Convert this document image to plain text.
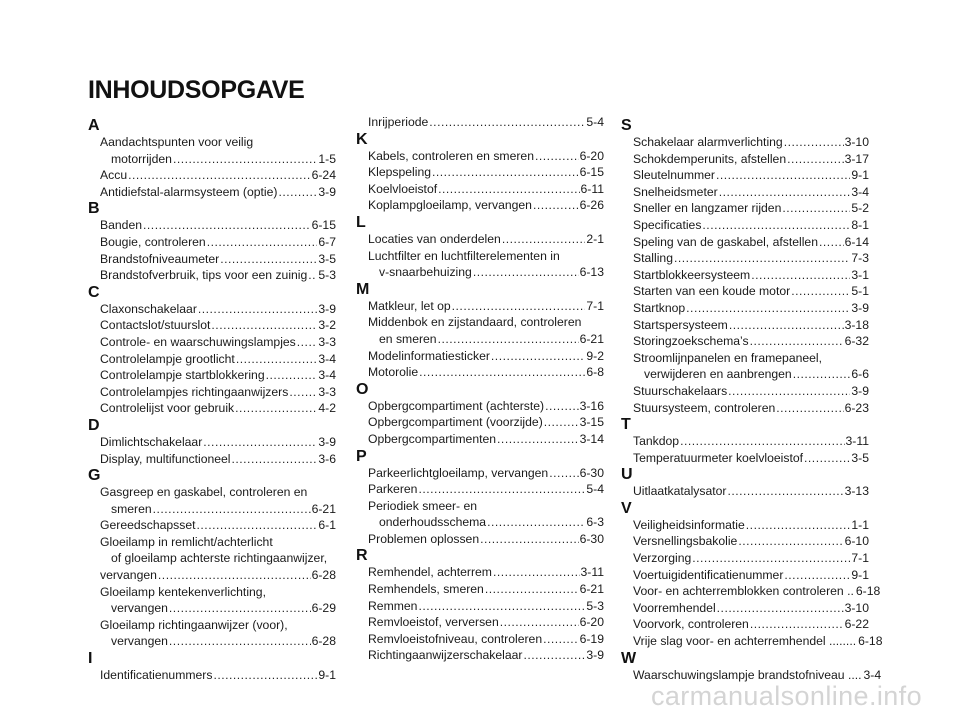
INHOUDSOPGAVE
A
Aandachtspunten voor veilig
motorrijden .....	1-5
Accu .....	6-24
Antidiefstal-alarmsysteem (optie) .....	3-9
B
Banden .....	6-15
Bougie, controleren .....	6-7
Brandstofniveaumeter .....	3-5
Brandstofverbruik, tips voor een zuinig ..... 5-3
C
Claxonschakelaar .....	3-9
Contactslot/stuurslot .....	3-2
Controle- en waarschuwingslampjes ..... 3-3
Controlelampje grootlicht .....	3-4
Controlelampje startblokkering .....	3-4
Controlelampjes richtingaanwijzers ..... 3-3
Controlelijst voor gebruik .....	4-2
D
Dimlichtschakelaar .....	3-9
Display, multifunctioneel .....	3-6
G
Gasgreep en gaskabel, controleren en
smeren .....	6-21
Gereedschapsset .....	6-1
Gloeilamp in remlicht/achterlicht
of gloeilamp achterste richtingaanwijzer,
vervangen .....	6-28
Gloeilamp kentekenverlichting,
vervangen .....	6-29
Gloeilamp richtingaanwijzer (voor),
vervangen .....	6-28
I
Identificatienummers .....	9-1
Inrijperiode .....	5-4
K
Kabels, controleren en smeren .....	6-20
Klepspeling .....	6-15
Koelvloeistof .....	6-11
Koplampgloeilamp, vervangen .....	6-26
L
Locaties van onderdelen .....	2-1
Luchtfilter en luchtfilterelementen in
v-snaarbehuizing .....	6-13
M
Matkleur, let op .....	7-1
Middenbok en zijstandaard, controleren
en smeren .....	6-21
Modelinformatiesticker .....	9-2
Motorolie .....	6-8
O
Opbergcompartiment (achterste) .....	3-16
Opbergcompartiment (voorzijde) .....	3-15
Opbergcompartimenten .....	3-14
P
Parkeerlichtgloeilamp, vervangen .....	6-30
Parkeren .....	5-4
Periodiek smeer- en
onderhoudsschema .....	6-3
Problemen oplossen .....	6-30
R
Remhendel, achterrem .....	3-11
Remhendels, smeren .....	6-21
Remmen .....	5-3
Remvloeistof, verversen .....	6-20
Remvloeistofniveau, controleren .....	6-19
Richtingaanwijzerschakelaar .....	3-9
S
Schakelaar alarmverlichting .....	3-10
Schokdemperunits, afstellen .....	3-17
Sleutelnummer .....	9-1
Snelheidsmeter .....	3-4
Sneller en langzamer rijden .....	5-2
Specificaties .....	8-1
Speling van de gaskabel, afstellen ..... 6-14
Stalling .....	7-3
Startblokkeersysteem .....	3-1
Starten van een koude motor .....	5-1
Startknop .....	3-9
Startspersysteem .....	3-18
Storingzoekschema’s .....	6-32
Stroomlijnpanelen en framepaneel,
verwijderen en aanbrengen .....	6-6
Stuurschakelaars .....	3-9
Stuursysteem, controleren .....	6-23
T
Tankdop .....	3-11
Temperatuurmeter koelvloeistof .....	3-5
U
Uitlaatkatalysator .....	3-13
V
Veiligheidsinformatie .....	1-1
Versnellingsbakolie .....	6-10
Verzorging .....	7-1
Voertuigidentificatienummer .....	9-1
Voor- en achterremblokken controleren .. 6-18
Voorremhendel .....	3-10
Voorvork, controleren .....	6-22
Vrije slag voor- en achterremhendel ........ 6-18
W
Waarschuwingslampje brandstofniveau .... 3-4
carmanualsonline.info
